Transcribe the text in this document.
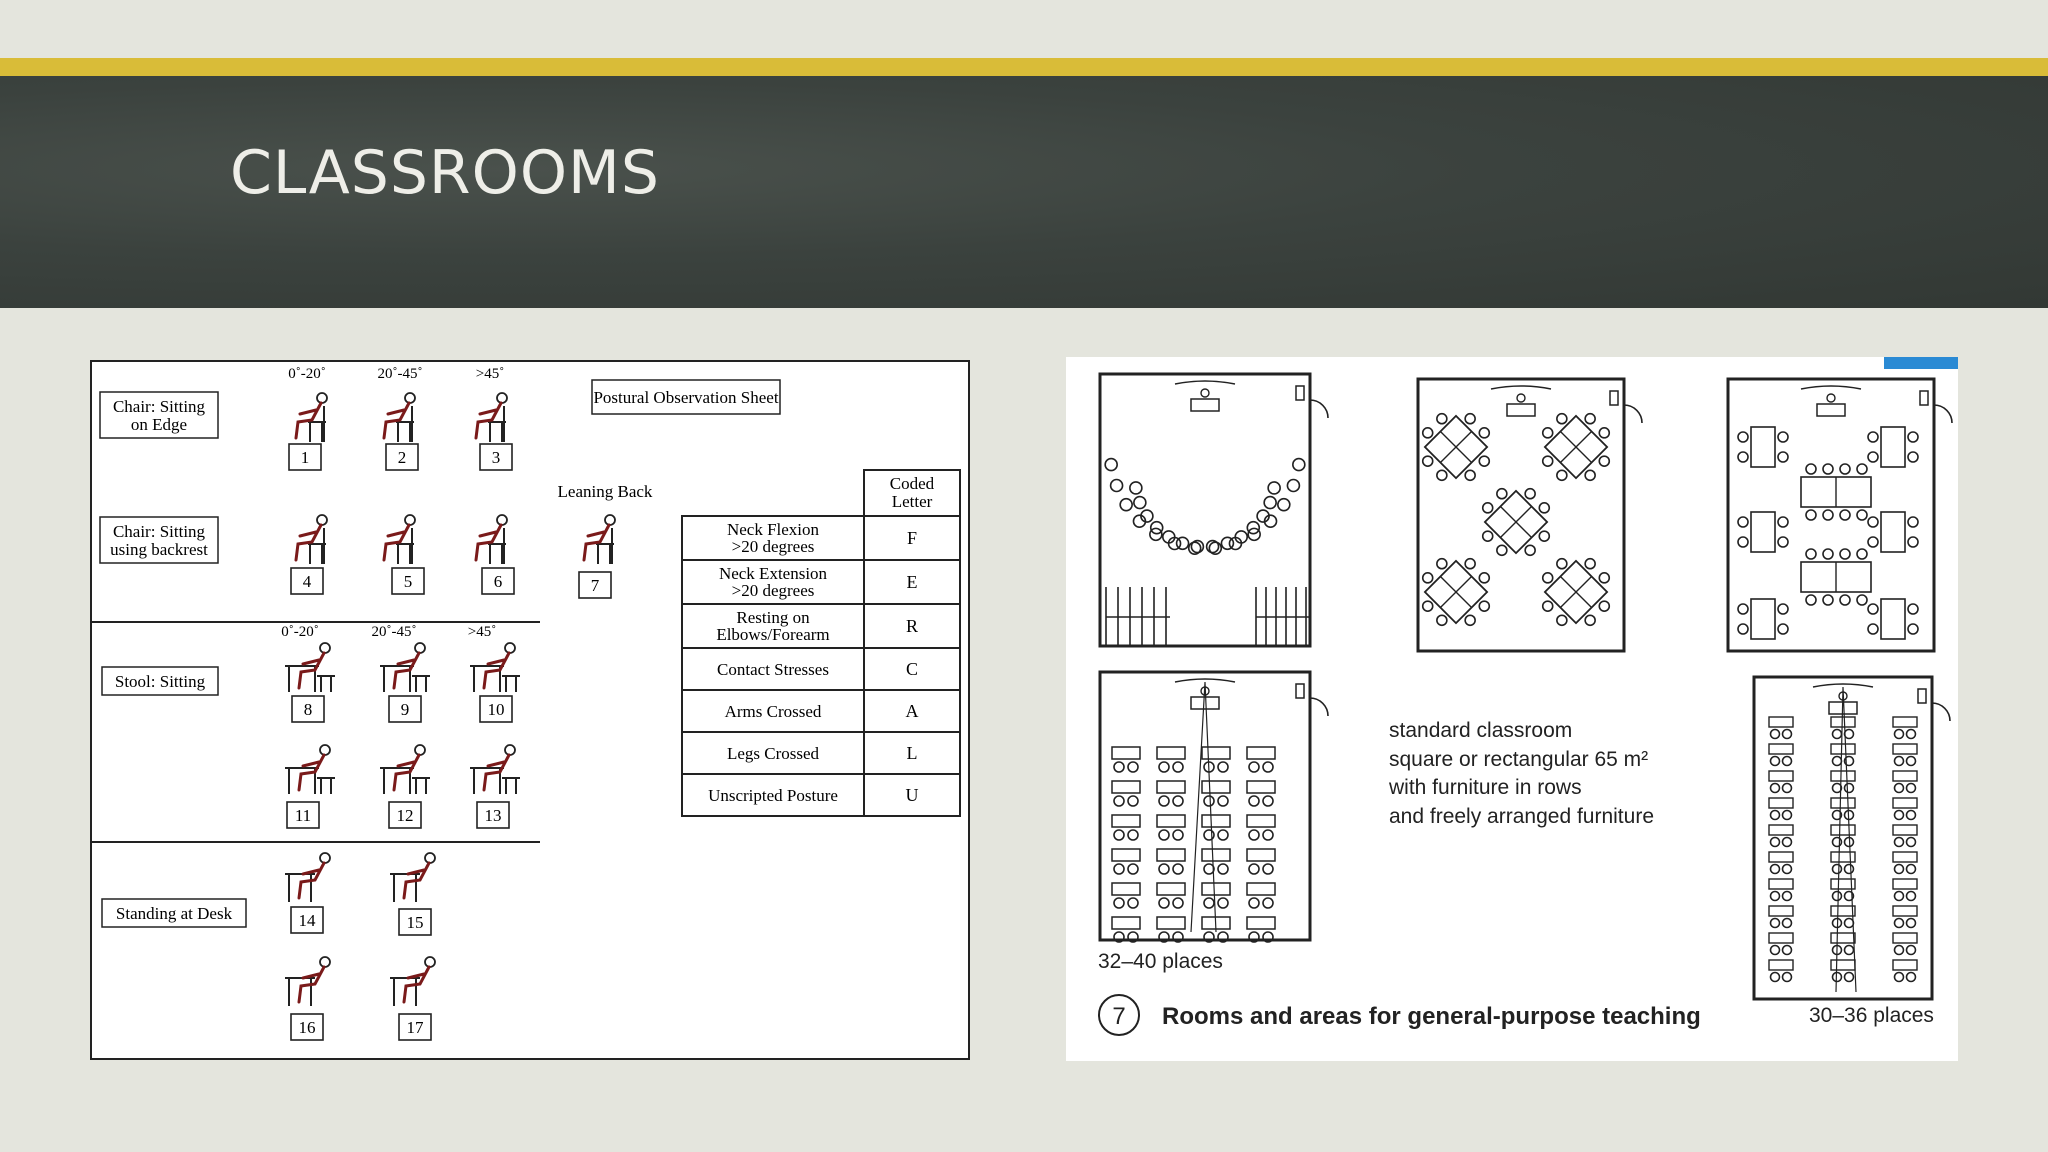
CLASSROOMS
Chair: Sitting
on Edge
Chair: Sitting
using backrest
Stool: Sitting
Standing at Desk
0˚-20˚	20˚-45˚	>45˚
0˚-20˚	20˚-45˚	>45˚
Postural Observation Sheet
Leaning Back
1	2	3
4	5	6	7
8	9	10
11	12	13
14	15
16	17
Coded
Letter
Neck Flexion
>20 degrees	F
Neck Extension
>20 degrees	E
Resting on
Elbows/Forearm	R
Contact Stresses	C
Arms Crossed	A
Legs Crossed	L
Unscripted Posture	U
standard classroom
square or rectangular 65 m²
with furniture in rows
and freely arranged furniture
32–40 places
30–36 places
7 Rooms and areas for general-purpose teaching
